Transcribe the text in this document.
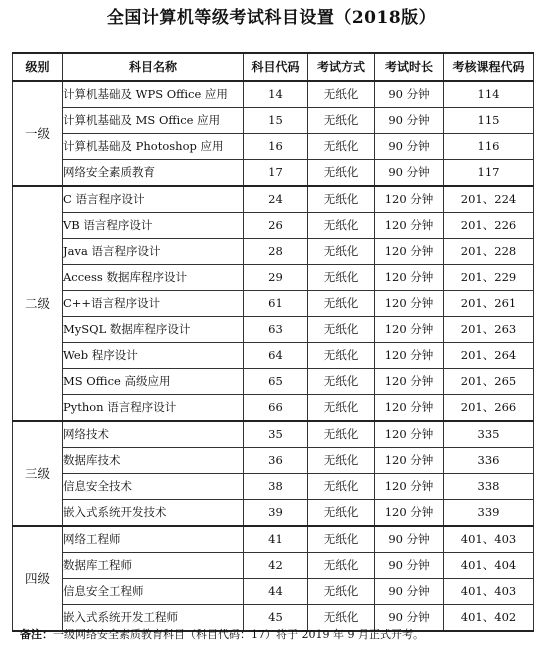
全国计算机等级考试科目设置（2018版）
级别	科目名称	科目代码	考试方式	考试时长	考核课程代码
一级	计算机基础及 WPS Office 应用	14	无纸化	90 分钟	114
	计算机基础及 MS Office 应用	15	无纸化	90 分钟	115
	计算机基础及 Photoshop 应用	16	无纸化	90 分钟	116
	网络安全素质教育	17	无纸化	90 分钟	117
二级	C 语言程序设计	24	无纸化	120 分钟	201、224
	VB 语言程序设计	26	无纸化	120 分钟	201、226
	Java 语言程序设计	28	无纸化	120 分钟	201、228
	Access 数据库程序设计	29	无纸化	120 分钟	201、229
	C++语言程序设计	61	无纸化	120 分钟	201、261
	MySQL 数据库程序设计	63	无纸化	120 分钟	201、263
	Web 程序设计	64	无纸化	120 分钟	201、264
	MS Office 高级应用	65	无纸化	120 分钟	201、265
	Python 语言程序设计	66	无纸化	120 分钟	201、266
三级	网络技术	35	无纸化	120 分钟	335
	数据库技术	36	无纸化	120 分钟	336
	信息安全技术	38	无纸化	120 分钟	338
	嵌入式系统开发技术	39	无纸化	120 分钟	339
四级	网络工程师	41	无纸化	90 分钟	401、403
	数据库工程师	42	无纸化	90 分钟	401、404
	信息安全工程师	44	无纸化	90 分钟	401、403
	嵌入式系统开发工程师	45	无纸化	90 分钟	401、402
备注：一级网络安全素质教育科目（科目代码：17）将于 2019 年 9 月正式开考。
